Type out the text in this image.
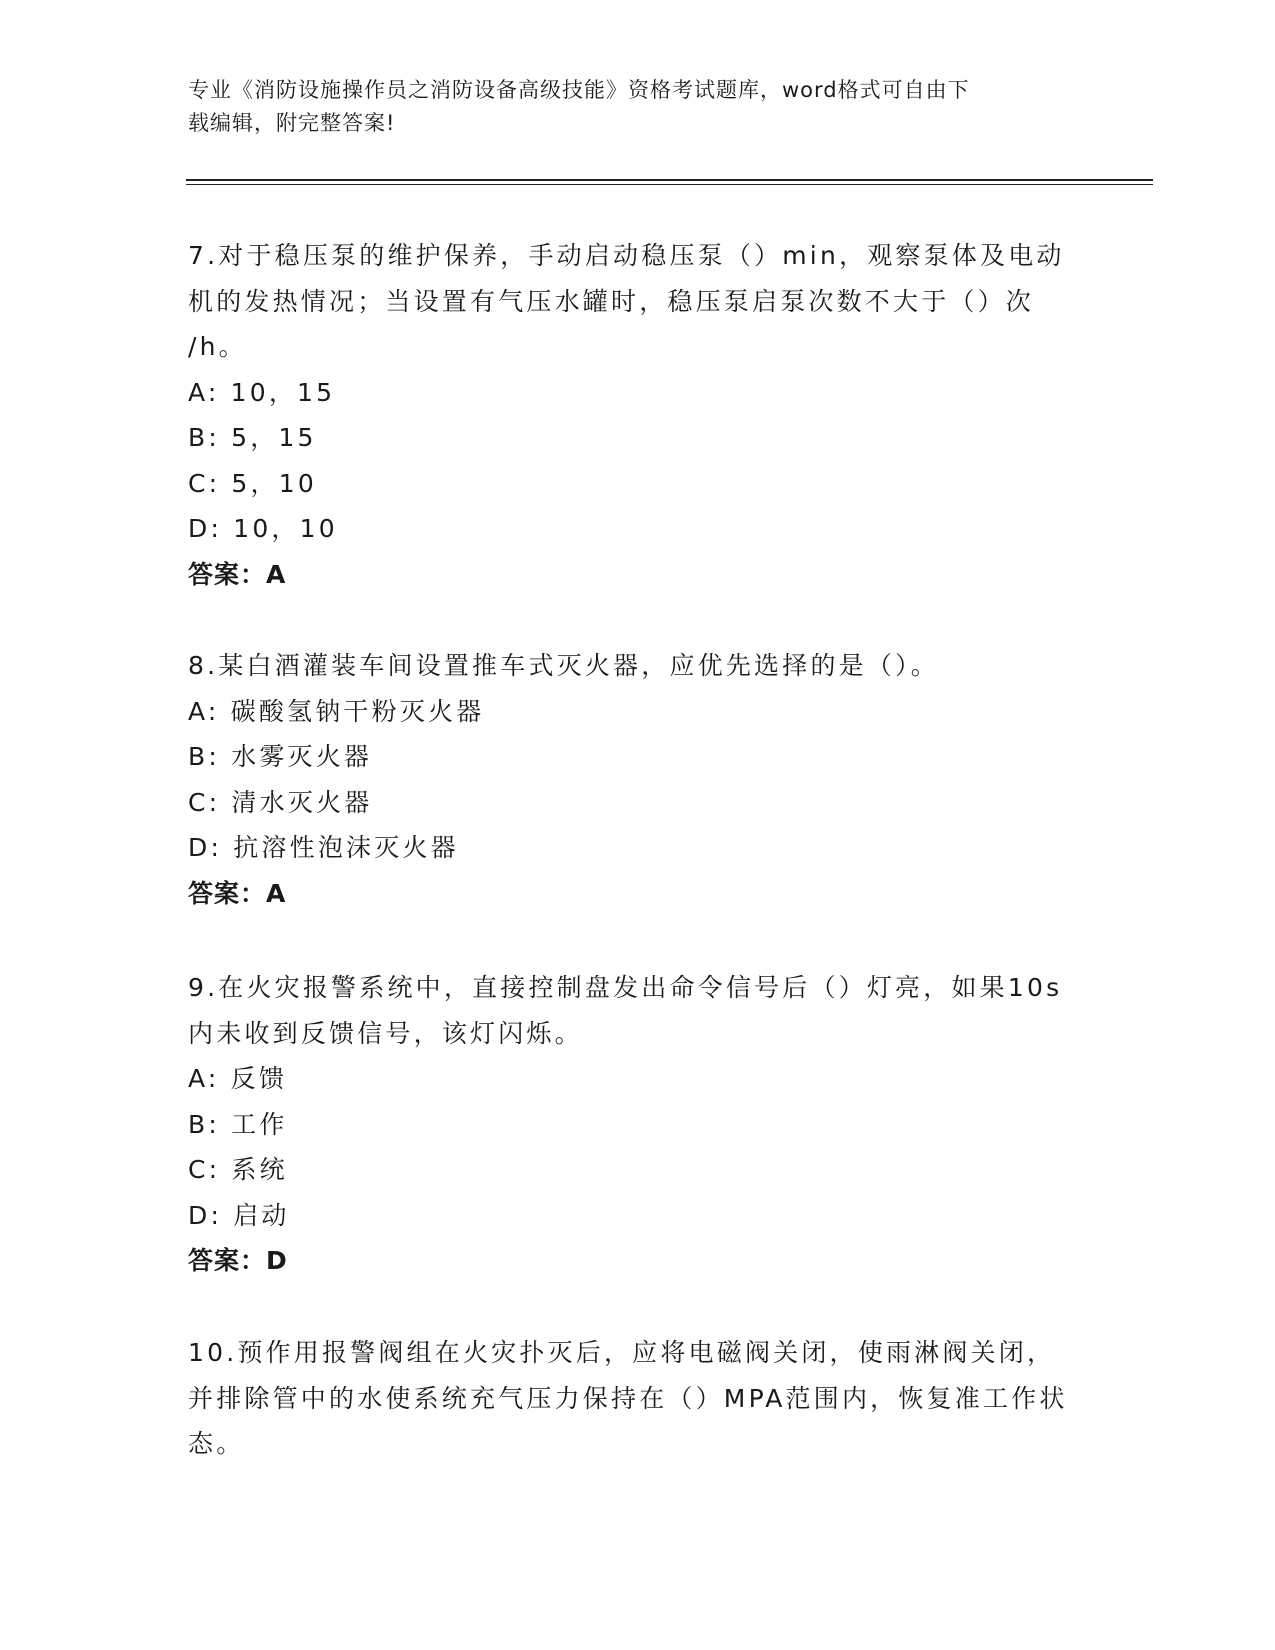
专业《消防设施操作员之消防设备高级技能》资格考试题库，word格式可自由下
载编辑，附完整答案!
7.对于稳压泵的维护保养，手动启动稳压泵（）min，观察泵体及电动
机的发热情况；当设置有气压水罐时，稳压泵启泵次数不大于（）次
/h。
A: 10，15
B: 5，15
C: 5，10
D: 10，10
答案：A
8.某白酒灌装车间设置推车式灭火器，应优先选择的是（）。
A: 碳酸氢钠干粉灭火器
B: 水雾灭火器
C: 清水灭火器
D: 抗溶性泡沫灭火器
答案：A
9.在火灾报警系统中，直接控制盘发出命令信号后（）灯亮，如果10s
内未收到反馈信号，该灯闪烁。
A: 反馈
B: 工作
C: 系统
D: 启动
答案：D
10.预作用报警阀组在火灾扑灭后，应将电磁阀关闭，使雨淋阀关闭，
并排除管中的水使系统充气压力保持在（）MPA范围内，恢复准工作状
态。
